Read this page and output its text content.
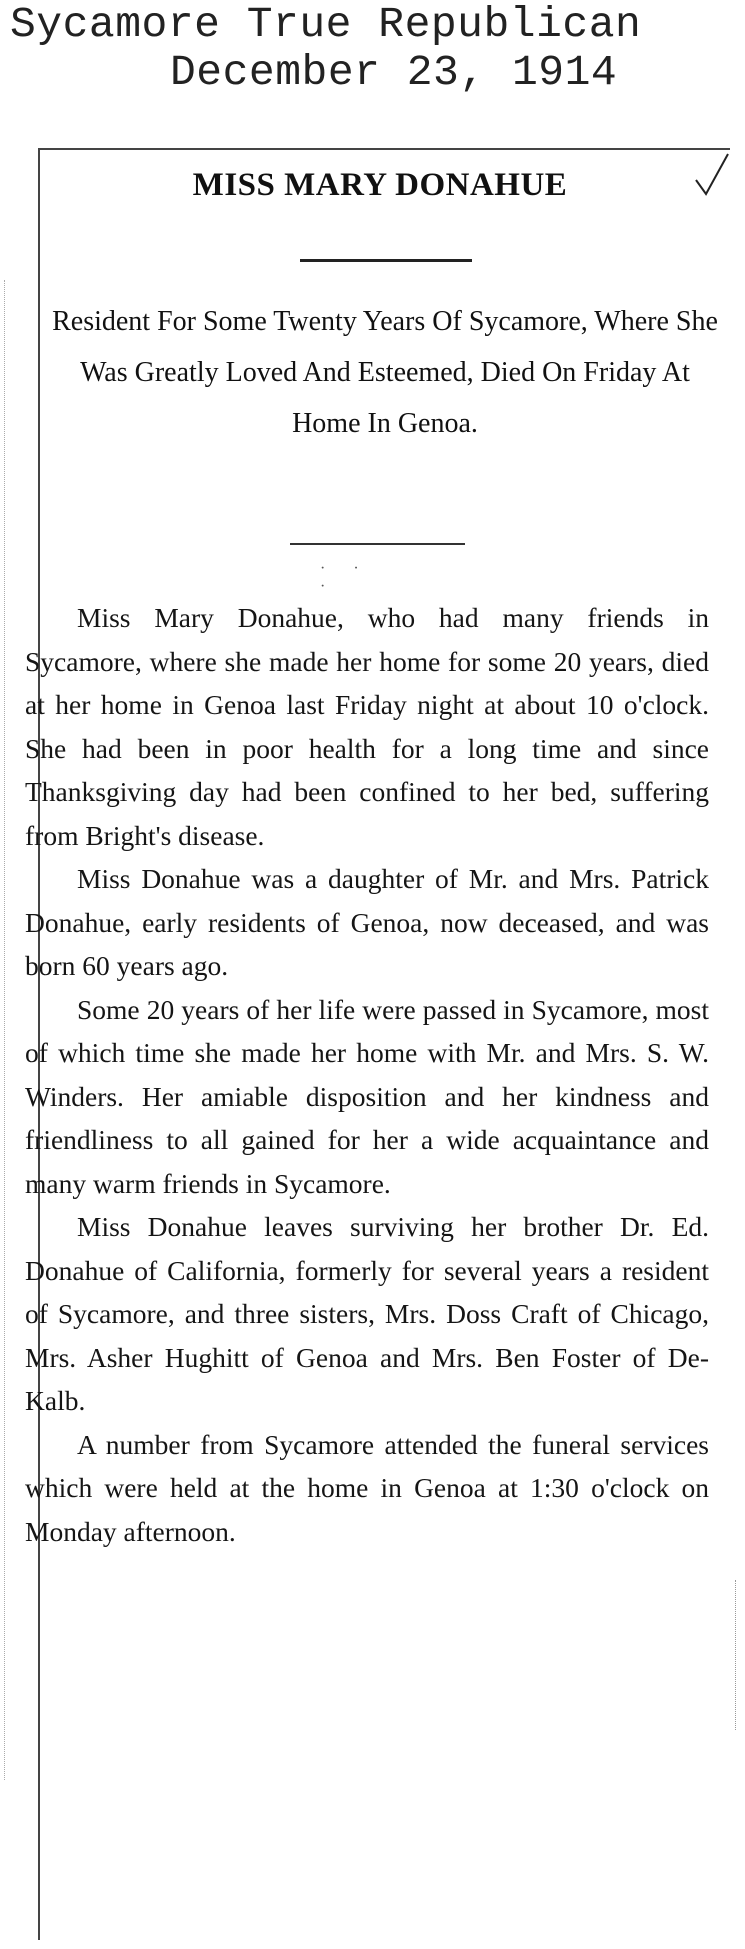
Sycamore True Republican
December 23, 1914
MISS MARY DONAHUE
Resident For Some Twenty Years Of Sycamore, Where She Was Greatly Loved And Esteemed, Died On Friday At Home In Genoa.
· · ·

Miss Mary Donahue, who had many friends in Sycamore, where she made her home for some 20 years, died at her home in Genoa last Friday night at about 10 o'clock. She had been in poor health for a long time and since Thanksgiving day had been confined to her bed, suffering from Bright's disease.

Miss Donahue was a daughter of Mr. and Mrs. Patrick Donahue, early residents of Genoa, now deceased, and was born 60 years ago.

Some 20 years of her life were passed in Sycamore, most of which time she made her home with Mr. and Mrs. S. W. Winders. Her amiable disposition and her kindness and friendliness to all gained for her a wide acquaintance and many warm friends in Sycamore.

Miss Donahue leaves surviving her brother Dr. Ed. Donahue of California, formerly for several years a resident of Sycamore, and three sisters, Mrs. Doss Craft of Chicago, Mrs. Asher Hughitt of Genoa and Mrs. Ben Foster of De-Kalb.

A number from Sycamore attended the funeral services which were held at the home in Genoa at 1:30 o'clock on Monday afternoon.
